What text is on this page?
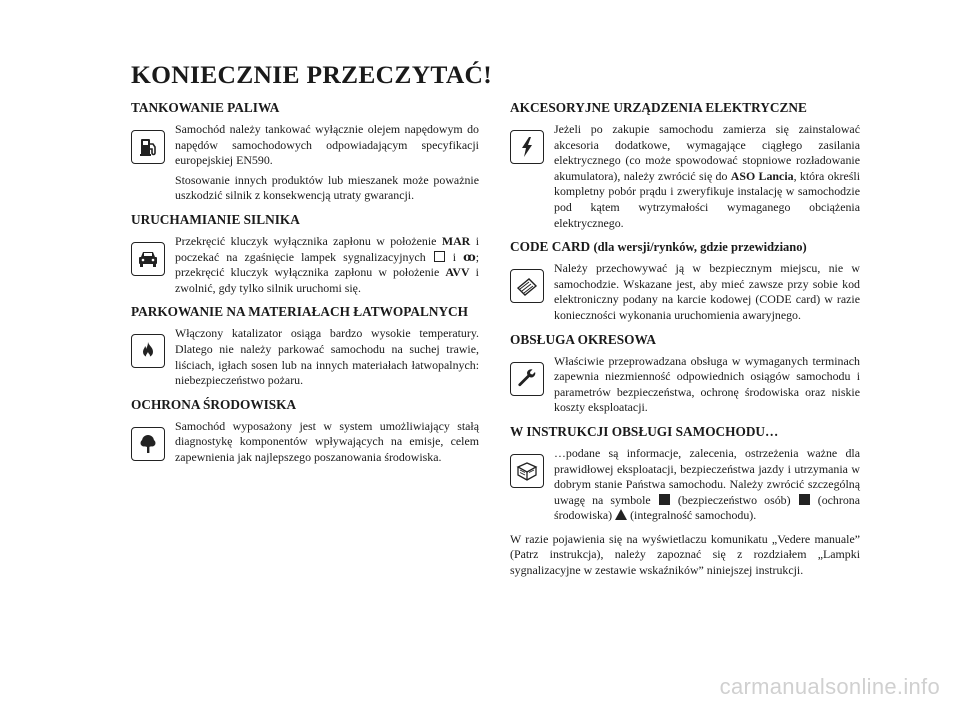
KONIECZNIE PRZECZYTAĆ!
TANKOWANIE PALIWA

Samochód należy tankować wyłącznie olejem napędowym do napędów samochodowych odpowiadającym specyfikacji europejskiej EN590.

Stosowanie innych produktów lub mieszanek może poważnie uszkodzić silnik z konsekwencją utraty gwarancji.

URUCHAMIANIE SILNIKA

Przekręcić kluczyk wyłącznika zapłonu w położenie MAR i poczekać na zgaśnięcie lampek sygnalizacyjnych  i ꝏ; przekręcić kluczyk wyłącznika zapłonu w położenie AVV i zwolnić, gdy tylko silnik uruchomi się.

PARKOWANIE NA MATERIAŁACH ŁATWOPALNYCH

Włączony katalizator osiąga bardzo wysokie temperatury. Dlatego nie należy parkować samochodu na suchej trawie, liściach, igłach sosen lub na innych materiałach łatwopalnych: niebezpieczeństwo pożaru.

OCHRONA ŚRODOWISKA

Samochód wyposażony jest w system umożliwiający stałą diagnostykę komponentów wpływających na emisje, celem zapewnienia jak najlepszego poszanowania środowiska.

AKCESORYJNE URZĄDZENIA ELEKTRYCZNE

Jeżeli po zakupie samochodu zamierza się zainstalować akcesoria dodatkowe, wymagające ciągłego zasilania elektrycznego (co może spowodować stopniowe rozładowanie akumulatora), należy zwrócić się do ASO Lancia, która określi kompletny pobór prądu i zweryfikuje instalację w samochodzie pod kątem wytrzymałości wymaganego obciążenia elektrycznego.

CODE CARD (dla wersji/rynków, gdzie przewidziano)

Należy przechowywać ją w bezpiecznym miejscu, nie w samochodzie. Wskazane jest, aby mieć zawsze przy sobie kod elektroniczny podany na karcie kodowej (CODE card) w razie konieczności wykonania uruchomienia awaryjnego.

OBSŁUGA OKRESOWA

Właściwie przeprowadzana obsługa w wymaganych terminach zapewnia niezmienność odpowiednich osiągów samochodu i parametrów bezpieczeństwa, ochronę środowiska oraz niskie koszty eksploatacji.

W INSTRUKCJI OBSŁUGI SAMOCHODU…

…podane są informacje, zalecenia, ostrzeżenia ważne dla prawidłowej eksploatacji, bezpieczeństwa jazdy i utrzymania w dobrym stanie Państwa samochodu. Należy zwrócić szczególną uwagę na symbole  (bezpieczeństwo osób)  (ochrona środowiska)  (integralność samochodu).

W razie pojawienia się na wyświetlaczu komunikatu „Vedere manuale” (Patrz instrukcja), należy zapoznać się z rozdziałem „Lampki sygnalizacyjne w zestawie wskaźników” niniejszej instrukcji.

carmanualsonline.info
